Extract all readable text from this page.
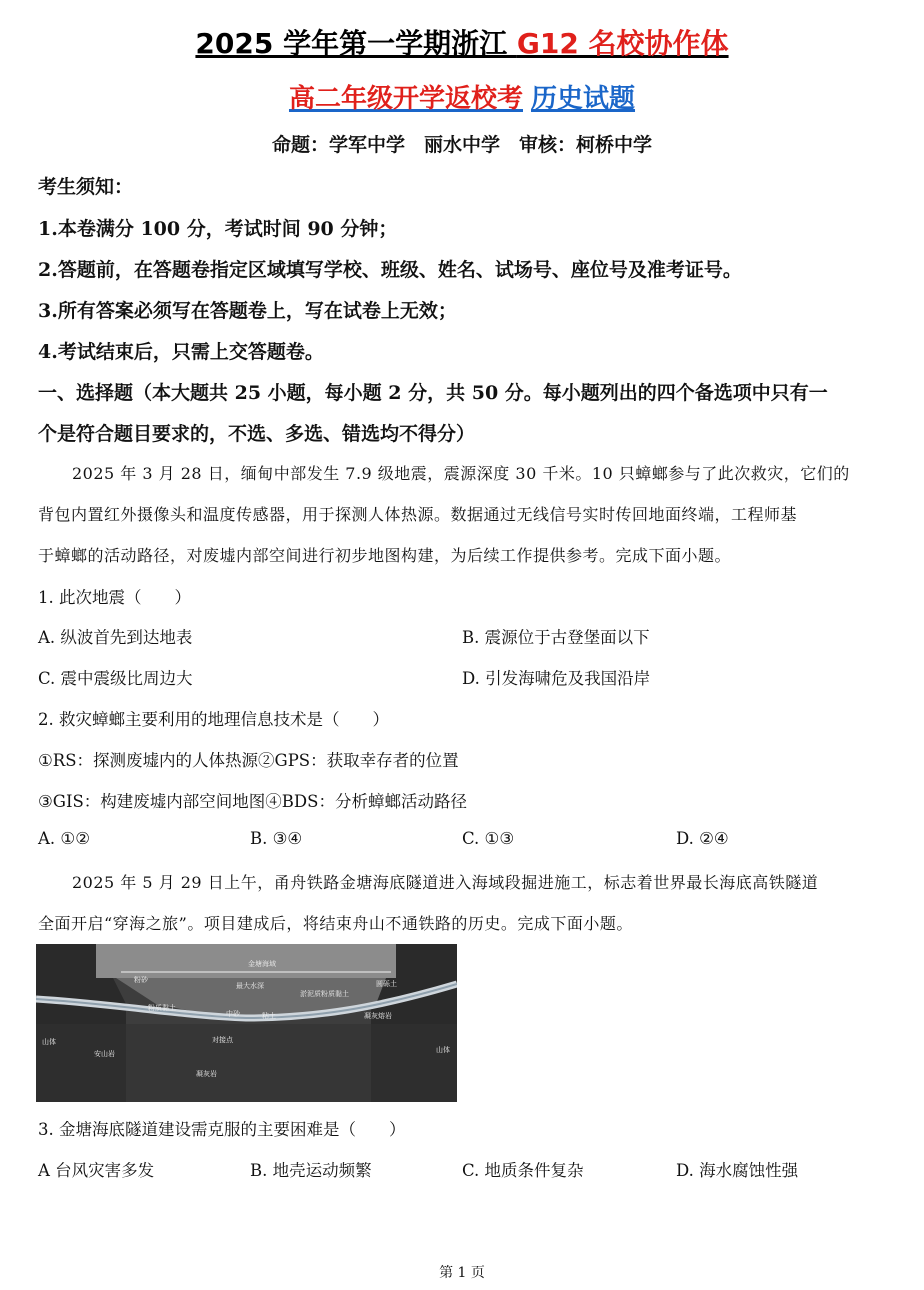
2025 学年第一学期浙江 G12 名校协作体
高二年级开学返校考 历史试题
命题：学军中学　丽水中学　审核：柯桥中学
考生须知：
1.本卷满分 100 分，考试时间 90 分钟；
2.答题前，在答题卷指定区域填写学校、班级、姓名、试场号、座位号及准考证号。
3.所有答案必须写在答题卷上，写在试卷上无效；
4.考试结束后，只需上交答题卷。
一、选择题（本大题共 25 小题，每小题 2 分，共 50 分。每小题列出的四个备选项中只有一
个是符合题目要求的，不选、多选、错选均不得分）
2025 年 3 月 28 日，缅甸中部发生 7.9 级地震，震源深度 30 千米。10 只蟑螂参与了此次救灾，它们的
背包内置红外摄像头和温度传感器，用于探测人体热源。数据通过无线信号实时传回地面终端，工程师基
于蟑螂的活动路径，对废墟内部空间进行初步地图构建，为后续工作提供参考。完成下面小题。
1. 此次地震（　　）
A. 纵波首先到达地表	B. 震源位于古登堡面以下
C. 震中震级比周边大	D. 引发海啸危及我国沿岸
2. 救灾蟑螂主要利用的地理信息技术是（　　）
①RS：探测废墟内的人体热源②GPS：获取幸存者的位置
③GIS：构建废墟内部空间地图④BDS：分析蟑螂活动路径
A. ①②	B. ③④	C. ①③	D. ②④
2025 年 5 月 29 日上午，甬舟铁路金塘海底隧道进入海域段掘进施工，标志着世界最长海底高铁隧道
全面开启“穿海之旅”。项目建成后，将结束舟山不通铁路的历史。完成下面小题。
山体
安山岩
金塘海域
粉砂
粉质黏土
中砂	粘土
最大水深
凝灰岩
山体
淤泥质粉质黏土
圆砾土
对接点
凝灰熔岩
3. 金塘海底隧道建设需克服的主要困难是（　　）
A 台风灾害多发	B. 地壳运动频繁	C. 地质条件复杂	D. 海水腐蚀性强
第 1 页
